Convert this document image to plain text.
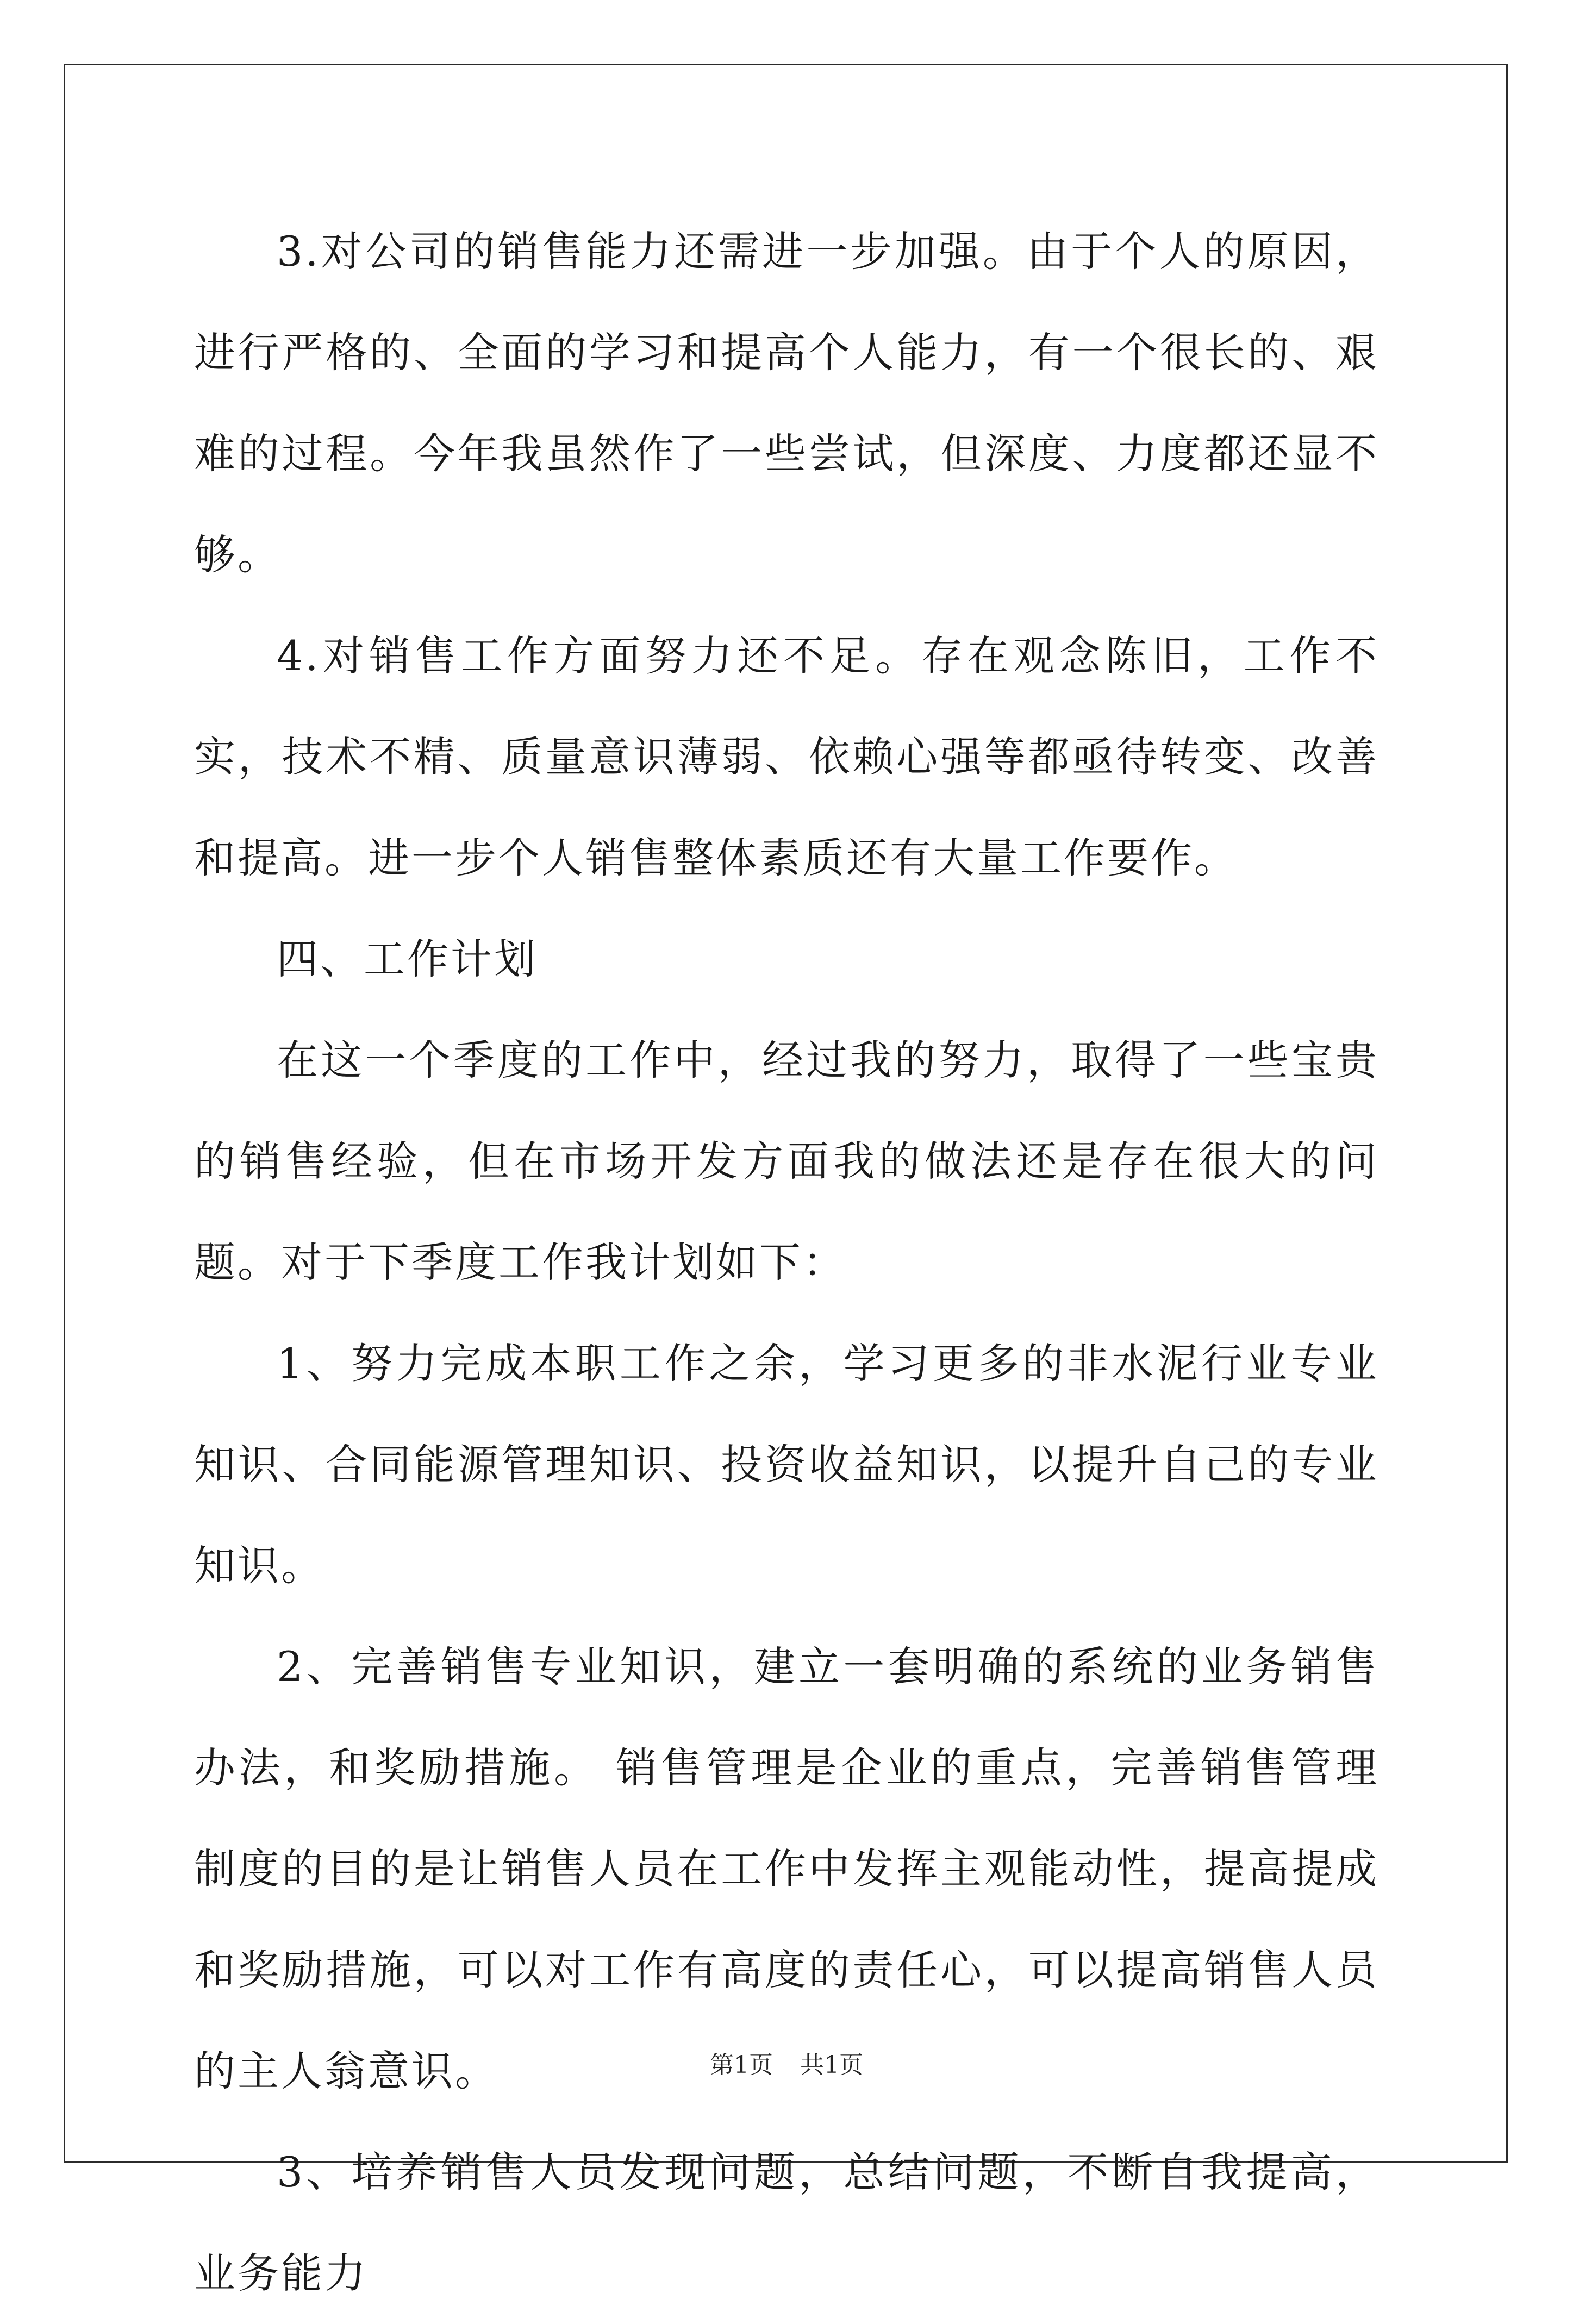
3.对公司的销售能力还需进一步加强。由于个人的原因，进行严格的、全面的学习和提高个人能力，有一个很长的、艰难的过程。今年我虽然作了一些尝试，但深度、力度都还显不够。

4.对销售工作方面努力还不足。存在观念陈旧，工作不实，技术不精、质量意识薄弱、依赖心强等都亟待转变、改善和提高。进一步个人销售整体素质还有大量工作要作。

四、工作计划

在这一个季度的工作中，经过我的努力，取得了一些宝贵的销售经验，但在市场开发方面我的做法还是存在很大的问题。对于下季度工作我计划如下：

1、努力完成本职工作之余，学习更多的非水泥行业专业知识、合同能源管理知识、投资收益知识，以提升自己的专业知识。

2、完善销售专业知识，建立一套明确的系统的业务销售办法，和奖励措施。 销售管理是企业的重点，完善销售管理制度的目的是让销售人员在工作中发挥主观能动性，提高提成和奖励措施，可以对工作有高度的责任心，可以提高销售人员的主人翁意识。

3、培养销售人员发现问题，总结问题，不断自我提高，业务能力

第1页 共1页
